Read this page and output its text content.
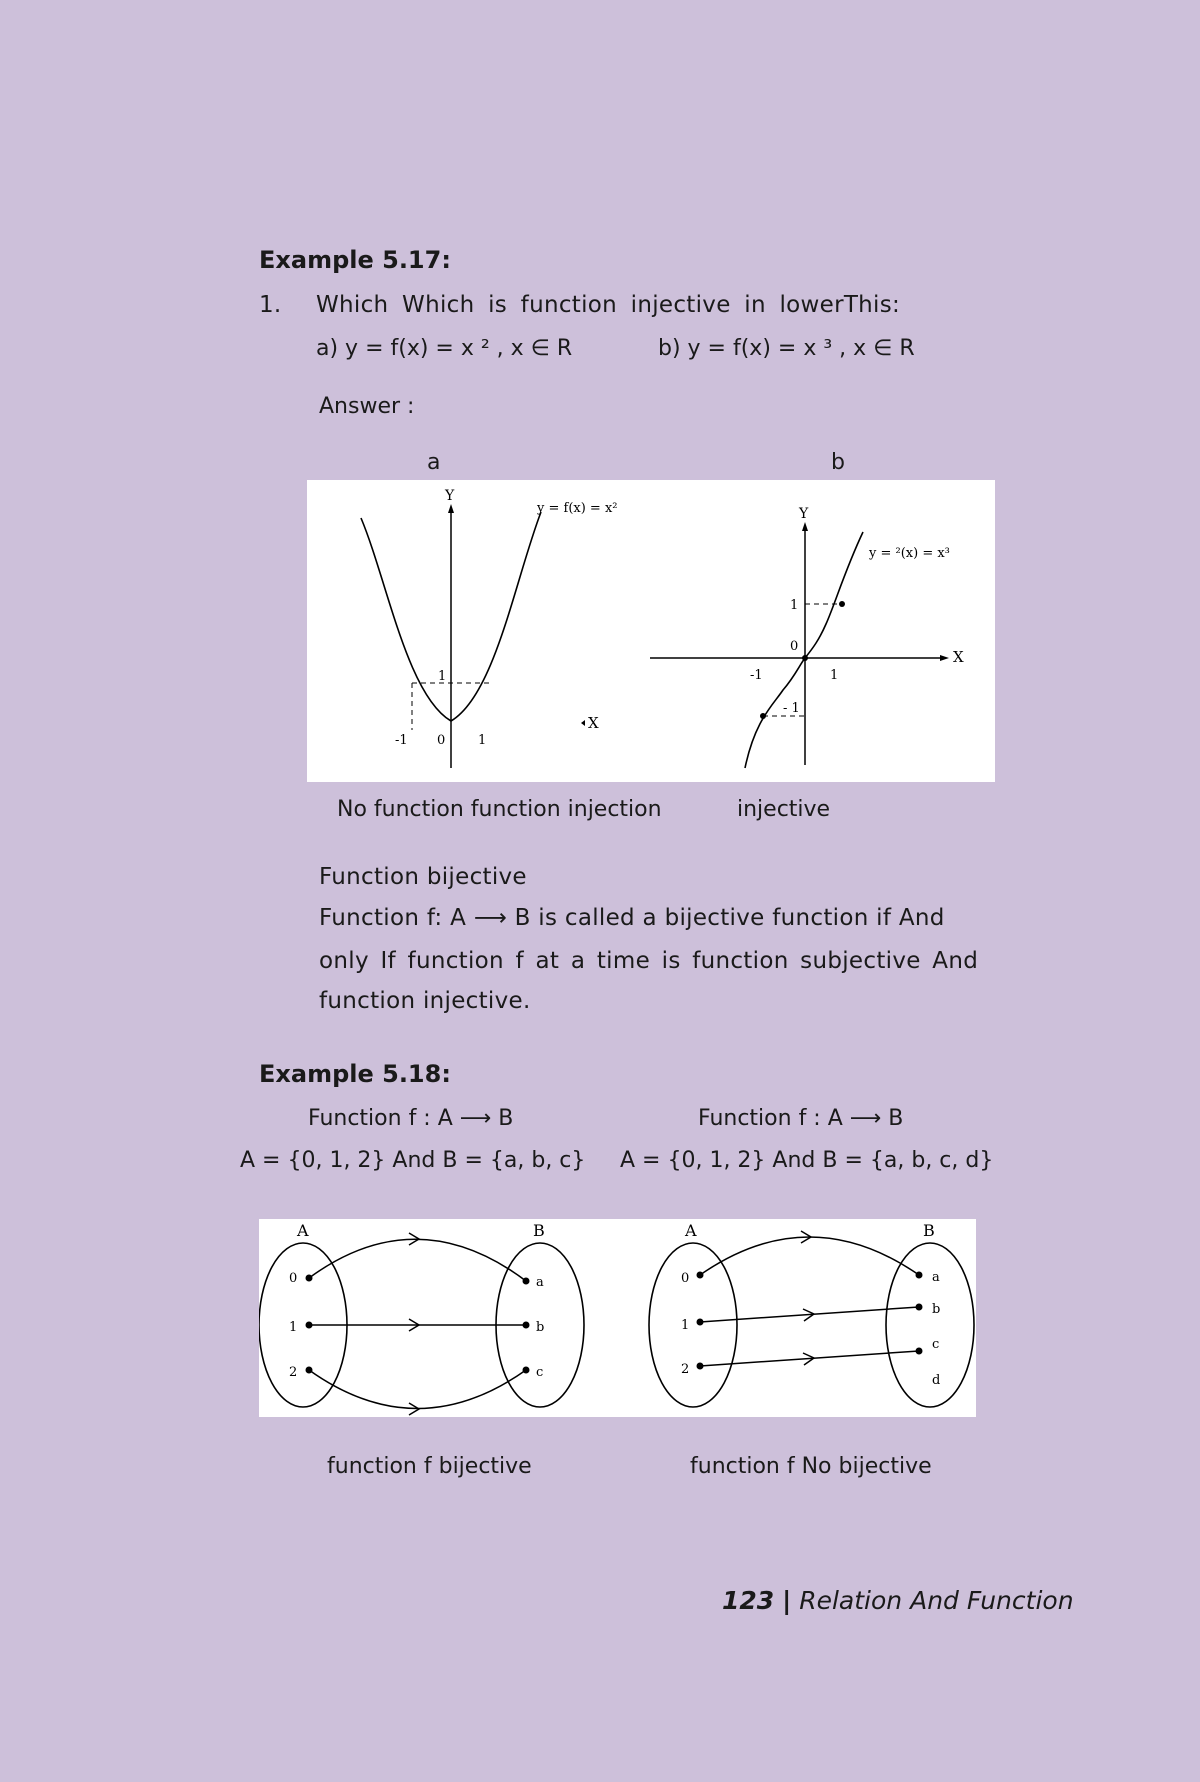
Example 5.17:
1. Which Which is function injective in lowerThis:
a) y = f(x) = x ² , x ∈ R	b) y = f(x) = x ³ , x ∈ R
Answer :
a	b
Y
1
-1 0	1
y = f(x) = x²
X
X
Y
1
0
-1	1
- 1
y = ²(x) = x³
No function function injection	injective
Function bijective
Function f: A ⟶ B is called a bijective function if And
only If function f at a time is function subjective And
function injective.
Example 5.18:
Function f : A ⟶ B
A = {0, 1, 2} And B = {a, b, c}
Function f : A ⟶ B
A = {0, 1, 2} And B = {a, b, c, d}
A	B
0
1
2
a
b
c
A	B
0
1
2
a
b
c
d
function f bijective	function f No bijective
123 | Relation And Function
